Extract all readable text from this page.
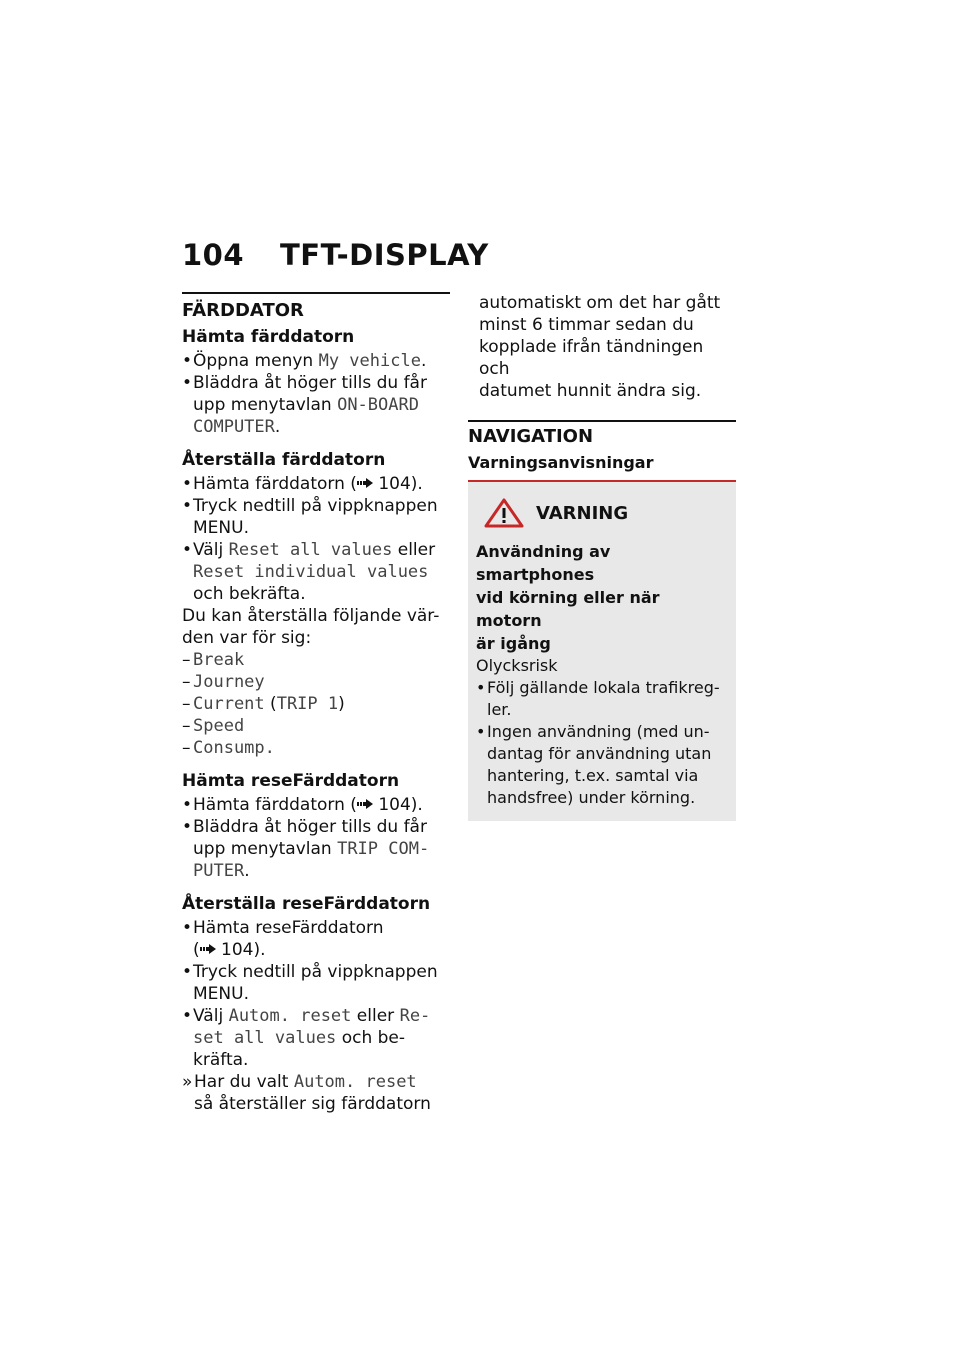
104 TFT-DISPLAY
FÄRDDATOR
Hämta färddatorn
• Öppna menyn My vehicle.
• Bläddra åt höger tills du får
upp menytavlan ON-BOARD
COMPUTER.
Återställa färddatorn
• Hämta färddatorn ( 104).
• Tryck nedtill på vippknappen
MENU.
• Välj Reset all values eller
Reset individual values
och bekräfta.
Du kan återställa följande vär-
den var för sig:
– Break
– Journey
– Current (TRIP 1)
– Speed
– Consump.
Hämta reseFärddatorn
• Hämta färddatorn ( 104).
• Bläddra åt höger tills du får
upp menytavlan TRIP COM-
PUTER.
Återställa reseFärddatorn
• Hämta reseFärddatorn
( 104).
• Tryck nedtill på vippknappen
MENU.
• Välj Autom. reset eller Re-
set all values och be-
kräfta.
» Har du valt Autom. reset
så återställer sig färddatorn
automatiskt om det har gått
minst 6 timmar sedan du
kopplade ifrån tändningen och
datumet hunnit ändra sig.
NAVIGATION
Varningsanvisningar
VARNING
Användning av smartphones
vid körning eller när motorn
är igång
Olycksrisk
• Följ gällande lokala trafikreg-
ler.
• Ingen användning (med un-
dantag för användning utan
hantering, t.ex. samtal via
handsfree) under körning.
